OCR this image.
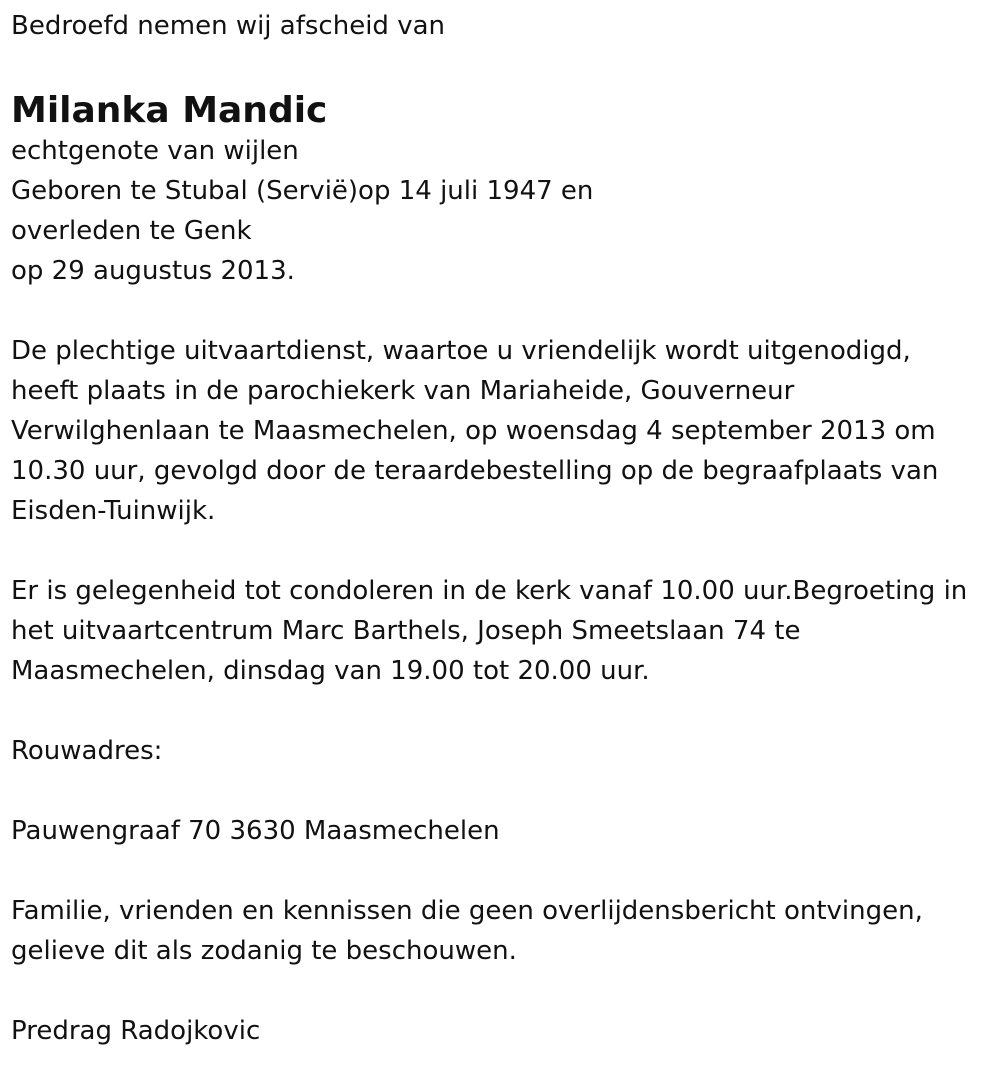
Bedroefd nemen wij afscheid van
Milanka Mandic
echtgenote van wijlen
Geboren te Stubal (Servië)op 14 juli 1947 en
overleden te Genk
op 29 augustus 2013.
De plechtige uitvaartdienst, waartoe u vriendelijk wordt uitgenodigd,
heeft plaats in de parochiekerk van Mariaheide, Gouverneur
Verwilghenlaan te Maasmechelen, op woensdag 4 september 2013 om
10.30 uur, gevolgd door de teraardebestelling op de begraafplaats van
Eisden-Tuinwijk.
Er is gelegenheid tot condoleren in de kerk vanaf 10.00 uur.Begroeting in
het uitvaartcentrum Marc Barthels, Joseph Smeetslaan 74 te
Maasmechelen, dinsdag van 19.00 tot 20.00 uur.
Rouwadres:
Pauwengraaf 70 3630 Maasmechelen
Familie, vrienden en kennissen die geen overlijdensbericht ontvingen,
gelieve dit als zodanig te beschouwen.
Predrag Radojkovic
